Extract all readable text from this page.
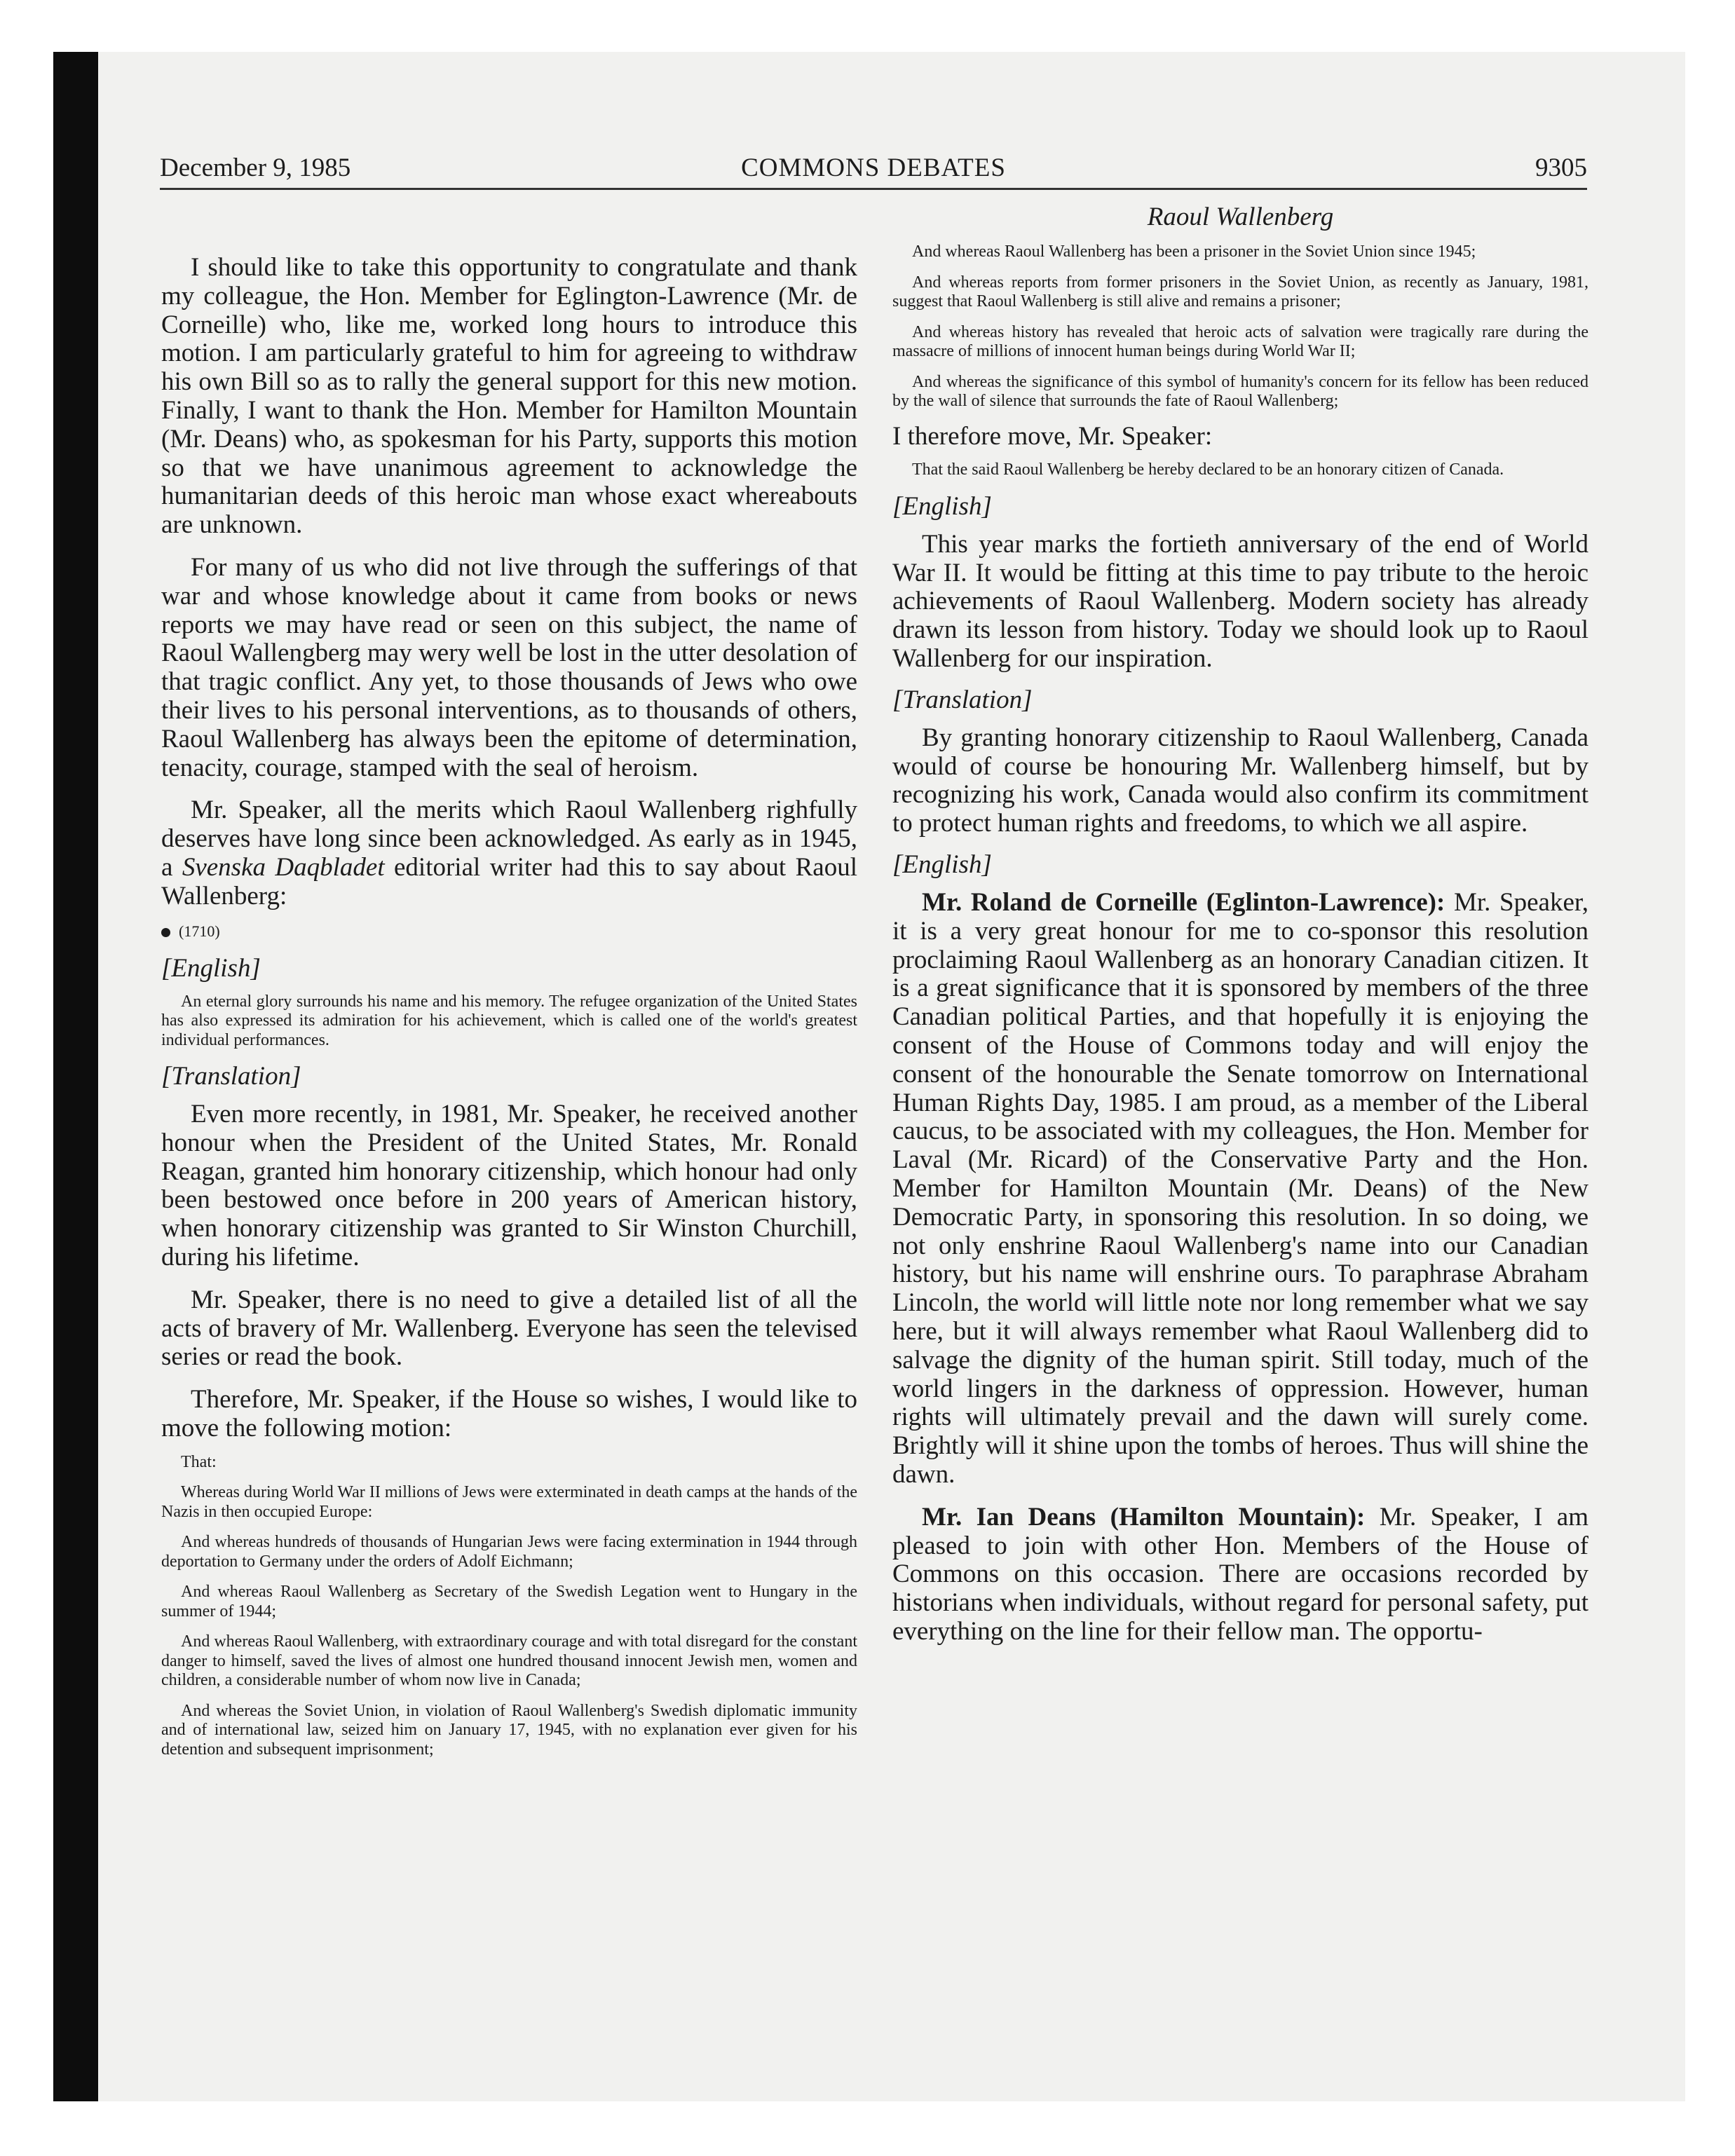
COMMONS DEBATES
December 9, 1985	9305

I should like to take this opportunity to congratulate and thank my colleague, the Hon. Member for Eglington-Lawrence (Mr. de Corneille) who, like me, worked long hours to introduce this motion. I am particularly grateful to him for agreeing to withdraw his own Bill so as to rally the general support for this new motion. Finally, I want to thank the Hon. Member for Hamilton Mountain (Mr. Deans) who, as spokesman for his Party, supports this motion so that we have unanimous agreement to acknowledge the humanitarian deeds of this heroic man whose exact whereabouts are unknown.

For many of us who did not live through the sufferings of that war and whose knowledge about it came from books or news reports we may have read or seen on this subject, the name of Raoul Wallengberg may wery well be lost in the utter desolation of that tragic conflict. Any yet, to those thousands of Jews who owe their lives to his personal interventions, as to thousands of others, Raoul Wallenberg has always been the epitome of determination, tenacity, courage, stamped with the seal of heroism.

Mr. Speaker, all the merits which Raoul Wallenberg righfully deserves have long since been acknowledged. As early as in 1945, a Svenska Daqbladet editorial writer had this to say about Raoul Wallenberg:

(1710)

[English]

An eternal glory surrounds his name and his memory. The refugee organization of the United States has also expressed its admiration for his achievement, which is called one of the world's greatest individual performances.

[Translation]

Even more recently, in 1981, Mr. Speaker, he received another honour when the President of the United States, Mr. Ronald Reagan, granted him honorary citizenship, which honour had only been bestowed once before in 200 years of American history, when honorary citizenship was granted to Sir Winston Churchill, during his lifetime.

Mr. Speaker, there is no need to give a detailed list of all the acts of bravery of Mr. Wallenberg. Everyone has seen the televised series or read the book.

Therefore, Mr. Speaker, if the House so wishes, I would like to move the following motion:

That:

Whereas during World War II millions of Jews were exterminated in death camps at the hands of the Nazis in then occupied Europe:

And whereas hundreds of thousands of Hungarian Jews were facing extermination in 1944 through deportation to Germany under the orders of Adolf Eichmann;

And whereas Raoul Wallenberg as Secretary of the Swedish Legation went to Hungary in the summer of 1944;

And whereas Raoul Wallenberg, with extraordinary courage and with total disregard for the constant danger to himself, saved the lives of almost one hundred thousand innocent Jewish men, women and children, a considerable number of whom now live in Canada;

And whereas the Soviet Union, in violation of Raoul Wallenberg's Swedish diplomatic immunity and of international law, seized him on January 17, 1945, with no explanation ever given for his detention and subsequent imprisonment;

Raoul Wallenberg

And whereas Raoul Wallenberg has been a prisoner in the Soviet Union since 1945;

And whereas reports from former prisoners in the Soviet Union, as recently as January, 1981, suggest that Raoul Wallenberg is still alive and remains a prisoner;

And whereas history has revealed that heroic acts of salvation were tragically rare during the massacre of millions of innocent human beings during World War II;

And whereas the significance of this symbol of humanity's concern for its fellow has been reduced by the wall of silence that surrounds the fate of Raoul Wallenberg;

I therefore move, Mr. Speaker:

That the said Raoul Wallenberg be hereby declared to be an honorary citizen of Canada.

[English]

This year marks the fortieth anniversary of the end of World War II. It would be fitting at this time to pay tribute to the heroic achievements of Raoul Wallenberg. Modern society has already drawn its lesson from history. Today we should look up to Raoul Wallenberg for our inspiration.

[Translation]

By granting honorary citizenship to Raoul Wallenberg, Canada would of course be honouring Mr. Wallenberg himself, but by recognizing his work, Canada would also confirm its commitment to protect human rights and freedoms, to which we all aspire.

[English]

Mr. Roland de Corneille (Eglinton-Lawrence): Mr. Speaker, it is a very great honour for me to co-sponsor this resolution proclaiming Raoul Wallenberg as an honorary Canadian citizen. It is a great significance that it is sponsored by members of the three Canadian political Parties, and that hopefully it is enjoying the consent of the House of Commons today and will enjoy the consent of the honourable the Senate tomorrow on International Human Rights Day, 1985. I am proud, as a member of the Liberal caucus, to be associated with my colleagues, the Hon. Member for Laval (Mr. Ricard) of the Conservative Party and the Hon. Member for Hamilton Mountain (Mr. Deans) of the New Democratic Party, in sponsoring this resolution. In so doing, we not only enshrine Raoul Wallenberg's name into our Canadian history, but his name will enshrine ours. To paraphrase Abraham Lincoln, the world will little note nor long remember what we say here, but it will always remember what Raoul Wallenberg did to salvage the dignity of the human spirit. Still today, much of the world lingers in the darkness of oppression. However, human rights will ultimately prevail and the dawn will surely come. Brightly will it shine upon the tombs of heroes. Thus will shine the dawn.

Mr. Ian Deans (Hamilton Mountain): Mr. Speaker, I am pleased to join with other Hon. Members of the House of Commons on this occasion. There are occasions recorded by historians when individuals, without regard for personal safety, put everything on the line for their fellow man. The opportu-
